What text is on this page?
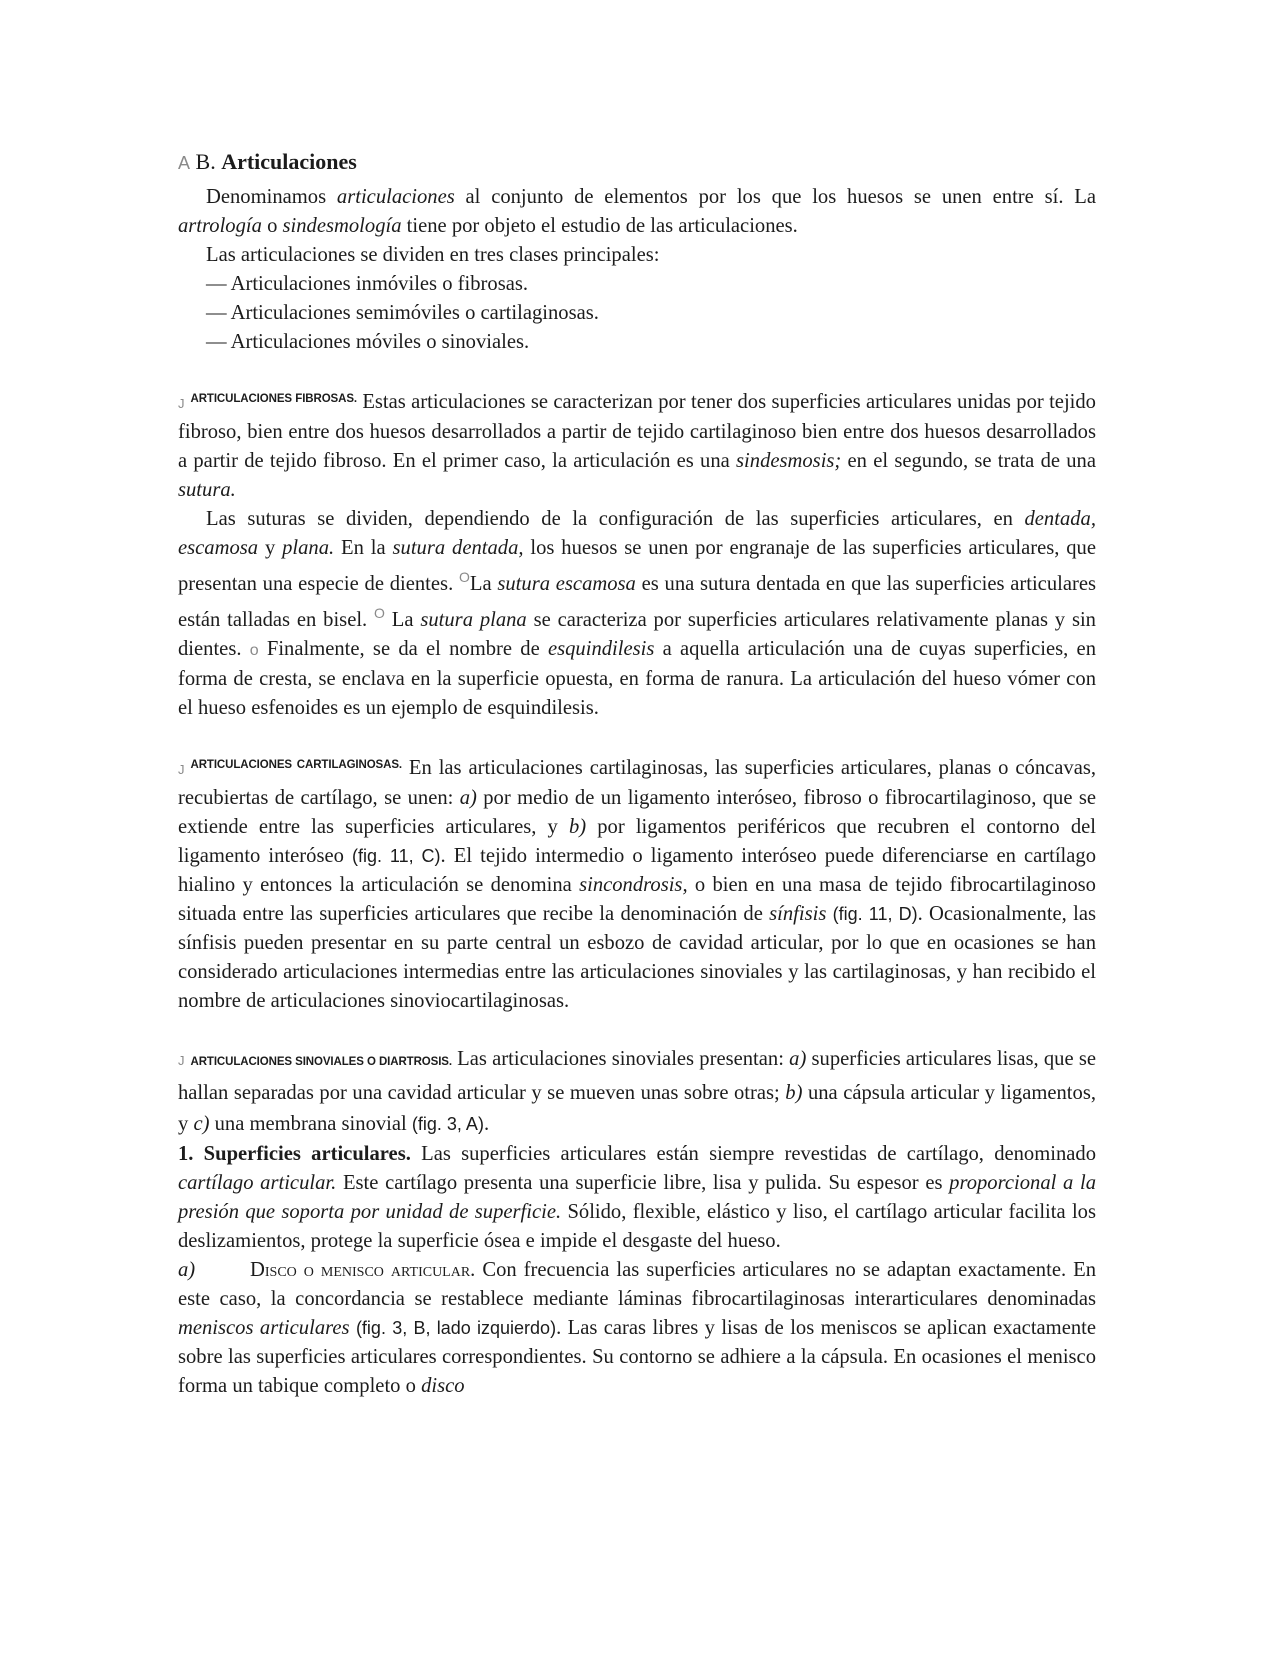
A B. Articulaciones

Denominamos articulaciones al conjunto de elementos por los que los huesos se unen entre sí. La artrología o sindesmología tiene por objeto el estudio de las articulaciones.

Las articulaciones se dividen en tres clases principales:

— Articulaciones inmóviles o fibrosas.

— Articulaciones semimóviles o cartilaginosas.

— Articulaciones móviles o sinoviales.

J $^{ARTICULACIONES FIBROSAS.}$ Estas articulaciones se caracterizan por tener dos superficies articulares unidas por tejido fibroso, bien entre dos huesos desarrollados a partir de tejido cartilaginoso bien entre dos huesos desarrollados a partir de tejido fibroso. En el primer caso, la articulación es una sindesmosis; en el segundo, se trata de una sutura.

Las suturas se dividen, dependiendo de la configuración de las superficies articulares, en dentada, escamosa y plana. En la sutura dentada, los huesos se unen por engranaje de las superficies articulares, que presentan una especie de dientes. $^O$La sutura escamosa es una sutura dentada en que las superficies articulares están talladas en bisel. $^O$ La sutura plana se caracteriza por superficies articulares relativamente planas y sin dientes. o Finalmente, se da el nombre de esquindilesis a aquella articulación una de cuyas superficies, en forma de cresta, se enclava en la superficie opuesta, en forma de ranura. La articulación del hueso vómer con el hueso esfenoides es un ejemplo de esquindilesis.

J $^{ARTICULACIONES CARTILAGINOSAS.}$ En las articulaciones cartilaginosas, las superficies articulares, planas o cóncavas, recubiertas de cartílago, se unen: a) por medio de un ligamento interóseo, fibroso o fibrocartilaginoso, que se extiende entre las superficies articulares, y b) por ligamentos periféricos que recubren el contorno del ligamento interóseo (fig. 11, C). El tejido intermedio o ligamento interóseo puede diferenciarse en cartílago hialino y entonces la articulación se denomina sincondrosis, o bien en una masa de tejido fibrocartilaginoso situada entre las superficies articulares que recibe la denominación de sínfisis (fig. 11, D). Ocasionalmente, las sínfisis pueden presentar en su parte central un esbozo de cavidad articular, por lo que en ocasiones se han considerado articulaciones intermedias entre las articulaciones sinoviales y las cartilaginosas, y han recibido el nombre de articulaciones sinoviocartilaginosas.

J ARTICULACIONES SINOVIALES O DIARTROSIS. Las articulaciones sinoviales presentan: a) superficies articulares lisas, que se hallan separadas por una cavidad articular y se mueven unas sobre otras; b) una cápsula articular y ligamentos, y c) una membrana sinovial (fig. 3, A).

1. Superficies articulares. Las superficies articulares están siempre revestidas de cartílago, denominado cartílago articular. Este cartílago presenta una superficie libre, lisa y pulida. Su espesor es proporcional a la presión que soporta por unidad de superficie. Sólido, flexible, elástico y liso, el cartílago articular facilita los deslizamientos, protege la superficie ósea e impide el desgaste del hueso.

a)	Disco o menisco articular. Con frecuencia las superficies articulares no se adaptan exactamente. En este caso, la concordancia se restablece mediante láminas fibrocartilaginosas interarticulares denominadas meniscos articulares (fig. 3, B, lado izquierdo). Las caras libres y lisas de los meniscos se aplican exactamente sobre las superficies articulares correspondientes. Su contorno se adhiere a la cápsula. En ocasiones el menisco forma un tabique completo o disco
